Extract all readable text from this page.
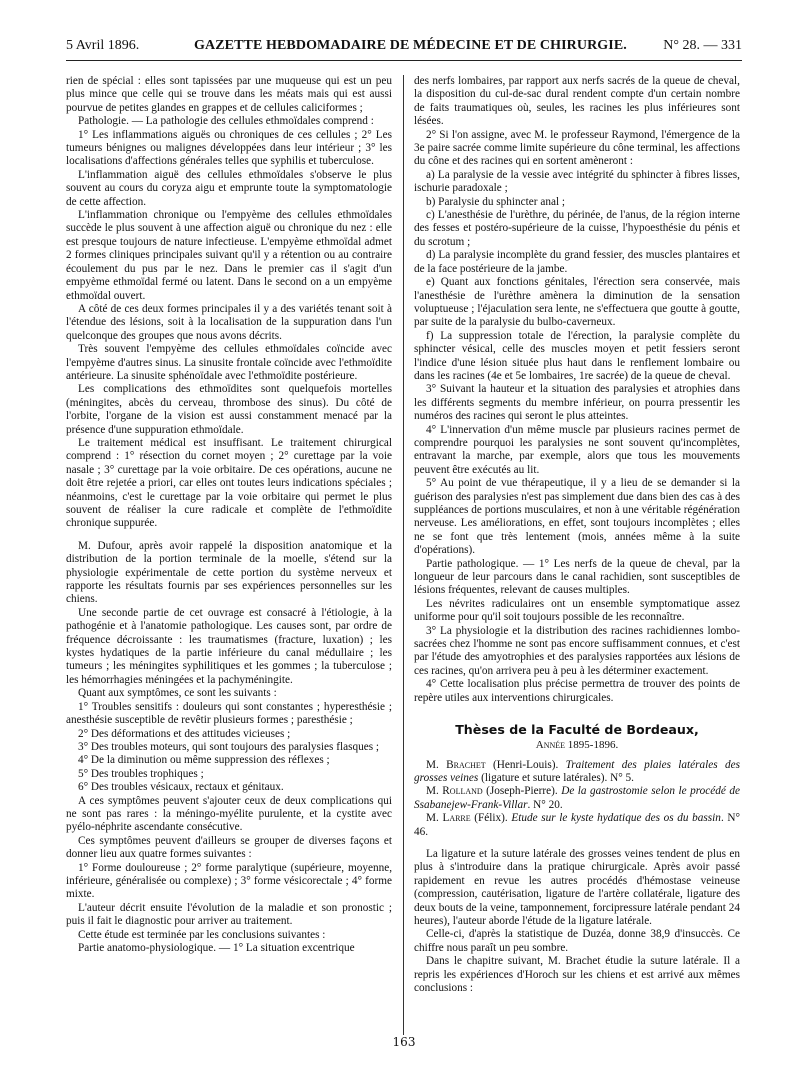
5 Avril 1896.	GAZETTE HEBDOMADAIRE DE MÉDECINE ET DE CHIRURGIE.	N° 28. — 331

rien de spécial : elles sont tapissées par une muqueuse qui est un peu plus mince que celle qui se trouve dans les méats mais qui est aussi pourvue de petites glandes en grappes et de cellules caliciformes ;

Pathologie. — La pathologie des cellules ethmoïdales comprend :

1° Les inflammations aiguës ou chroniques de ces cellules ; 2° Les tumeurs bénignes ou malignes développées dans leur intérieur ; 3° les localisations d'affections générales telles que syphilis et tuberculose.

L'inflammation aiguë des cellules ethmoïdales s'observe le plus souvent au cours du coryza aigu et emprunte toute la symptomatologie de cette affection.

L'inflammation chronique ou l'empyème des cellules ethmoïdales succède le plus souvent à une affection aiguë ou chronique du nez : elle est presque toujours de nature infectieuse. L'empyème ethmoïdal admet 2 formes cliniques principales suivant qu'il y a rétention ou au contraire écoulement du pus par le nez. Dans le premier cas il s'agit d'un empyème ethmoïdal fermé ou latent. Dans le second on a un empyème ethmoïdal ouvert.

A côté de ces deux formes principales il y a des variétés tenant soit à l'étendue des lésions, soit à la localisation de la suppuration dans l'un quelconque des groupes que nous avons décrits.

Très souvent l'empyème des cellules ethmoïdales coïncide avec l'empyème d'autres sinus. La sinusite frontale coïncide avec l'ethmoïdite antérieure. La sinusite sphénoïdale avec l'ethmoïdite postérieure.

Les complications des ethmoïdites sont quelquefois mortelles (méningites, abcès du cerveau, thrombose des sinus). Du côté de l'orbite, l'organe de la vision est aussi constamment menacé par la présence d'une suppuration ethmoïdale.

Le traitement médical est insuffisant. Le traitement chirurgical comprend : 1° résection du cornet moyen ; 2° curettage par la voie nasale ; 3° curettage par la voie orbitaire. De ces opérations, aucune ne doit être rejetée a priori, car elles ont toutes leurs indications spéciales ; néanmoins, c'est le curettage par la voie orbitaire qui permet le plus souvent de réaliser la cure radicale et complète de l'ethmoïdite chronique suppurée.

M. Dufour, après avoir rappelé la disposition anatomique et la distribution de la portion terminale de la moelle, s'étend sur la physiologie expérimentale de cette portion du système nerveux et rapporte les résultats fournis par ses expériences personnelles sur les chiens.

Une seconde partie de cet ouvrage est consacré à l'étiologie, à la pathogénie et à l'anatomie pathologique. Les causes sont, par ordre de fréquence décroissante : les traumatismes (fracture, luxation) ; les kystes hydatiques de la partie inférieure du canal médullaire ; les tumeurs ; les méningites syphilitiques et les gommes ; la tuberculose ; les hémorrhagies méningées et la pachyméningite.

Quant aux symptômes, ce sont les suivants :

1° Troubles sensitifs : douleurs qui sont constantes ; hyperesthésie ; anesthésie susceptible de revêtir plusieurs formes ; paresthésie ;

2° Des déformations et des attitudes vicieuses ;

3° Des troubles moteurs, qui sont toujours des paralysies flasques ;

4° De la diminution ou même suppression des réflexes ;

5° Des troubles trophiques ;

6° Des troubles vésicaux, rectaux et génitaux.

A ces symptômes peuvent s'ajouter ceux de deux complications qui ne sont pas rares : la méningo-myélite purulente, et la cystite avec pyélo-néphrite ascendante consécutive.

Ces symptômes peuvent d'ailleurs se grouper de diverses façons et donner lieu aux quatre formes suivantes :

1° Forme douloureuse ; 2° forme paralytique (supérieure, moyenne, inférieure, généralisée ou complexe) ; 3° forme vésicorectale ; 4° forme mixte.

L'auteur décrit ensuite l'évolution de la maladie et son pronostic ; puis il fait le diagnostic pour arriver au traitement.

Cette étude est terminée par les conclusions suivantes :

Partie anatomo-physiologique. — 1° La situation excentrique

des nerfs lombaires, par rapport aux nerfs sacrés de la queue de cheval, la disposition du cul-de-sac dural rendent compte d'un certain nombre de faits traumatiques où, seules, les racines les plus inférieures sont lésées.

2° Si l'on assigne, avec M. le professeur Raymond, l'émergence de la 3e paire sacrée comme limite supérieure du cône terminal, les affections du cône et des racines qui en sortent amèneront :

a) La paralysie de la vessie avec intégrité du sphincter à fibres lisses, ischurie paradoxale ;

b) Paralysie du sphincter anal ;

c) L'anesthésie de l'urèthre, du périnée, de l'anus, de la région interne des fesses et postéro-supérieure de la cuisse, l'hypoesthésie du pénis et du scrotum ;

d) La paralysie incomplète du grand fessier, des muscles plantaires et de la face postérieure de la jambe.

e) Quant aux fonctions génitales, l'érection sera conservée, mais l'anesthésie de l'urèthre amènera la diminution de la sensation voluptueuse ; l'éjaculation sera lente, ne s'effectuera que goutte à goutte, par suite de la paralysie du bulbo-caverneux.

f) La suppression totale de l'érection, la paralysie complète du sphincter vésical, celle des muscles moyen et petit fessiers seront l'indice d'une lésion située plus haut dans le renflement lombaire ou dans les racines (4e et 5e lombaires, 1re sacrée) de la queue de cheval.

3° Suivant la hauteur et la situation des paralysies et atrophies dans les différents segments du membre inférieur, on pourra pressentir les numéros des racines qui seront le plus atteintes.

4° L'innervation d'un même muscle par plusieurs racines permet de comprendre pourquoi les paralysies ne sont souvent qu'incomplètes, entravant la marche, par exemple, alors que tous les mouvements peuvent être exécutés au lit.

5° Au point de vue thérapeutique, il y a lieu de se demander si la guérison des paralysies n'est pas simplement due dans bien des cas à des suppléances de portions musculaires, et non à une véritable régénération nerveuse. Les améliorations, en effet, sont toujours incomplètes ; elles ne se font que très lentement (mois, années même à la suite d'opérations).

Partie pathologique. — 1° Les nerfs de la queue de cheval, par la longueur de leur parcours dans le canal rachidien, sont susceptibles de lésions fréquentes, relevant de causes multiples.

Les névrites radiculaires ont un ensemble symptomatique assez uniforme pour qu'il soit toujours possible de les reconnaître.

3° La physiologie et la distribution des racines rachidiennes lombo-sacrées chez l'homme ne sont pas encore suffisamment connues, et c'est par l'étude des amyotrophies et des paralysies rapportées aux lésions de ces racines, qu'on arrivera peu à peu à les déterminer exactement.

4° Cette localisation plus précise permettra de trouver des points de repère utiles aux interventions chirurgicales.

Thèses de la Faculté de Bordeaux,
Année 1895-1896.

M. Brachet (Henri-Louis). Traitement des plaies latérales des grosses veines (ligature et suture latérales). N° 5.

M. Rolland (Joseph-Pierre). De la gastrostomie selon le procédé de Ssabanejew-Frank-Villar. N° 20.

M. Larre (Félix). Etude sur le kyste hydatique des os du bassin. N° 46.

La ligature et la suture latérale des grosses veines tendent de plus en plus à s'introduire dans la pratique chirurgicale. Après avoir passé rapidement en revue les autres procédés d'hémostase veineuse (compression, cautérisation, ligature de l'artère collatérale, ligature des deux bouts de la veine, tamponnement, forcipressure latérale pendant 24 heures), l'auteur aborde l'étude de la ligature latérale.

Celle-ci, d'après la statistique de Duzéa, donne 38,9 d'insuccès. Ce chiffre nous paraît un peu sombre.

Dans le chapitre suivant, M. Brachet étudie la suture latérale. Il a repris les expériences d'Horoch sur les chiens et est arrivé aux mêmes conclusions :

163
